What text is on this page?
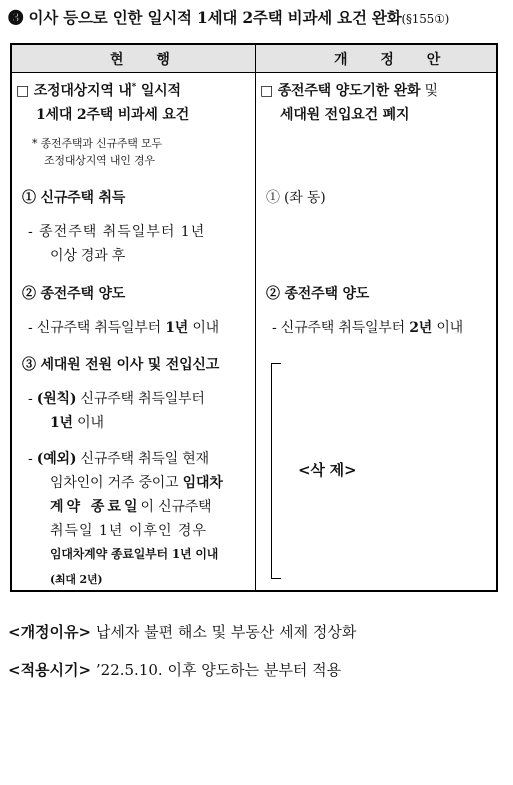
❸ 이사 등으로 인한 일시적 1세대 2주택 비과세 요건 완화(§155①)
현 행	개 정 안
□ 조정대상지역 내* 일시적
1세대 2주택 비과세 요건
* 종전주택과 신규주택 모두
조정대상지역 내인 경우
① 신규주택 취득
- 종전주택 취득일부터 1년
이상 경과 후
② 종전주택 양도
- 신규주택 취득일부터 1년 이내
③ 세대원 전원 이사 및 전입신고
- (원칙) 신규주택 취득일부터
1년 이내
- (예외) 신규주택 취득일 현재
임차인이 거주 중이고 임대차
계약 종료일이 신규주택
취득일 1년 이후인 경우
임대차계약 종료일부터 1년 이내
(최대 2년)
□ 종전주택 양도기한 완화 및
세대원 전입요건 폐지
① (좌 동)
② 종전주택 양도
- 신규주택 취득일부터 2년 이내
<삭 제>
<개정이유> 납세자 불편 해소 및 부동산 세제 정상화
<적용시기> ’22.5.10. 이후 양도하는 분부터 적용
